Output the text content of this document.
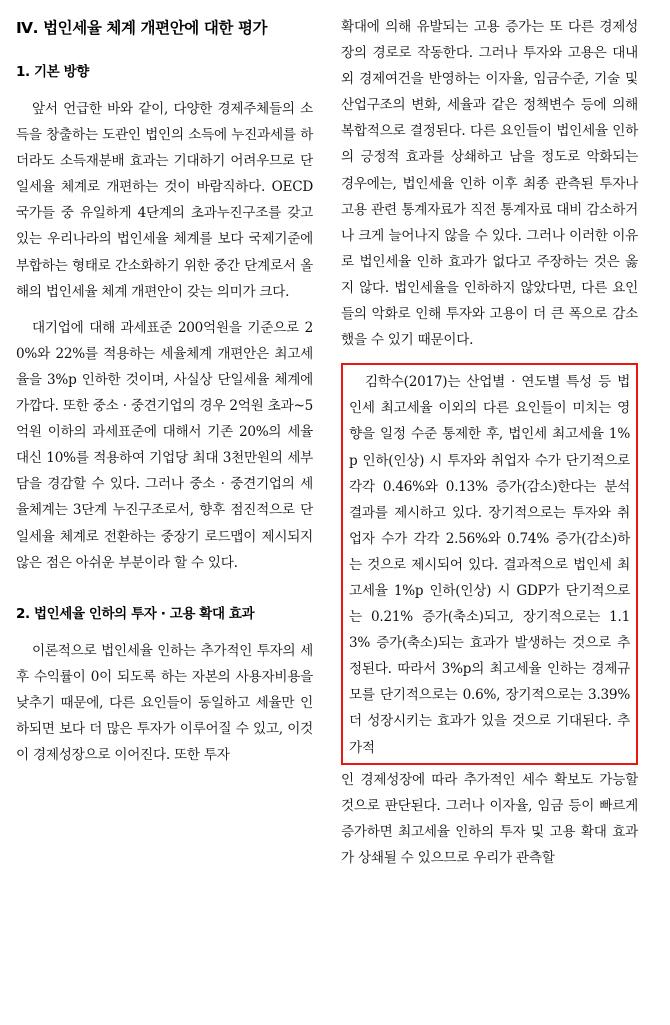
Ⅳ. 법인세율 체계 개편안에 대한 평가
1. 기본 방향

앞서 언급한 바와 같이, 다양한 경제주체들의 소득을 창출하는 도관인 법인의 소득에 누진과세를 하더라도 소득재분배 효과는 기대하기 어려우므로 단일세율 체계로 개편하는 것이 바람직하다. OECD 국가들 중 유일하게 4단계의 초과누진구조를 갖고 있는 우리나라의 법인세율 체계를 보다 국제기준에 부합하는 형태로 간소화하기 위한 중간 단계로서 올해의 법인세율 체계 개편안이 갖는 의미가 크다.

대기업에 대해 과세표준 200억원을 기준으로 20%와 22%를 적용하는 세율체계 개편안은 최고세율을 3%p 인하한 것이며, 사실상 단일세율 체계에 가깝다. 또한 중소 · 중견기업의 경우 2억원 초과~5억원 이하의 과세표준에 대해서 기존 20%의 세율 대신 10%를 적용하여 기업당 최대 3천만원의 세부담을 경감할 수 있다. 그러나 중소 · 중견기업의 세율체계는 3단계 누진구조로서, 향후 점진적으로 단일세율 체계로 전환하는 중장기 로드맵이 제시되지 않은 점은 아쉬운 부분이라 할 수 있다.

2. 법인세율 인하의 투자 · 고용 확대 효과

이론적으로 법인세율 인하는 추가적인 투자의 세후 수익률이 0이 되도록 하는 자본의 사용자비용을 낮추기 때문에, 다른 요인들이 동일하고 세율만 인하되면 보다 더 많은 투자가 이루어질 수 있고, 이것이 경제성장으로 이어진다. 또한 투자

확대에 의해 유발되는 고용 증가는 또 다른 경제성장의 경로로 작동한다. 그러나 투자와 고용은 대내외 경제여건을 반영하는 이자율, 임금수준, 기술 및 산업구조의 변화, 세율과 같은 정책변수 등에 의해 복합적으로 결정된다. 다른 요인들이 법인세율 인하의 긍정적 효과를 상쇄하고 남을 정도로 악화되는 경우에는, 법인세율 인하 이후 최종 관측된 투자나 고용 관련 통계자료가 직전 통계자료 대비 감소하거나 크게 늘어나지 않을 수 있다. 그러나 이러한 이유로 법인세율 인하 효과가 없다고 주장하는 것은 옳지 않다. 법인세율을 인하하지 않았다면, 다른 요인들의 악화로 인해 투자와 고용이 더 큰 폭으로 감소했을 수 있기 때문이다.

김학수(2017)는 산업별 · 연도별 특성 등 법인세 최고세율 이외의 다른 요인들이 미치는 영향을 일정 수준 통제한 후, 법인세 최고세율 1%p 인하(인상) 시 투자와 취업자 수가 단기적으로 각각 0.46%와 0.13% 증가(감소)한다는 분석 결과를 제시하고 있다. 장기적으로는 투자와 취업자 수가 각각 2.56%와 0.74% 증가(감소)하는 것으로 제시되어 있다. 결과적으로 법인세 최고세율 1%p 인하(인상) 시 GDP가 단기적으로는 0.21% 증가(축소)되고, 장기적으로는 1.13% 증가(축소)되는 효과가 발생하는 것으로 추정된다. 따라서 3%p의 최고세율 인하는 경제규모를 단기적으로는 0.6%, 장기적으로는 3.39% 더 성장시키는 효과가 있을 것으로 기대된다. 추가적

인 경제성장에 따라 추가적인 세수 확보도 가능할 것으로 판단된다. 그러나 이자율, 임금 등이 빠르게 증가하면 최고세율 인하의 투자 및 고용 확대 효과가 상쇄될 수 있으므로 우리가 관측할
